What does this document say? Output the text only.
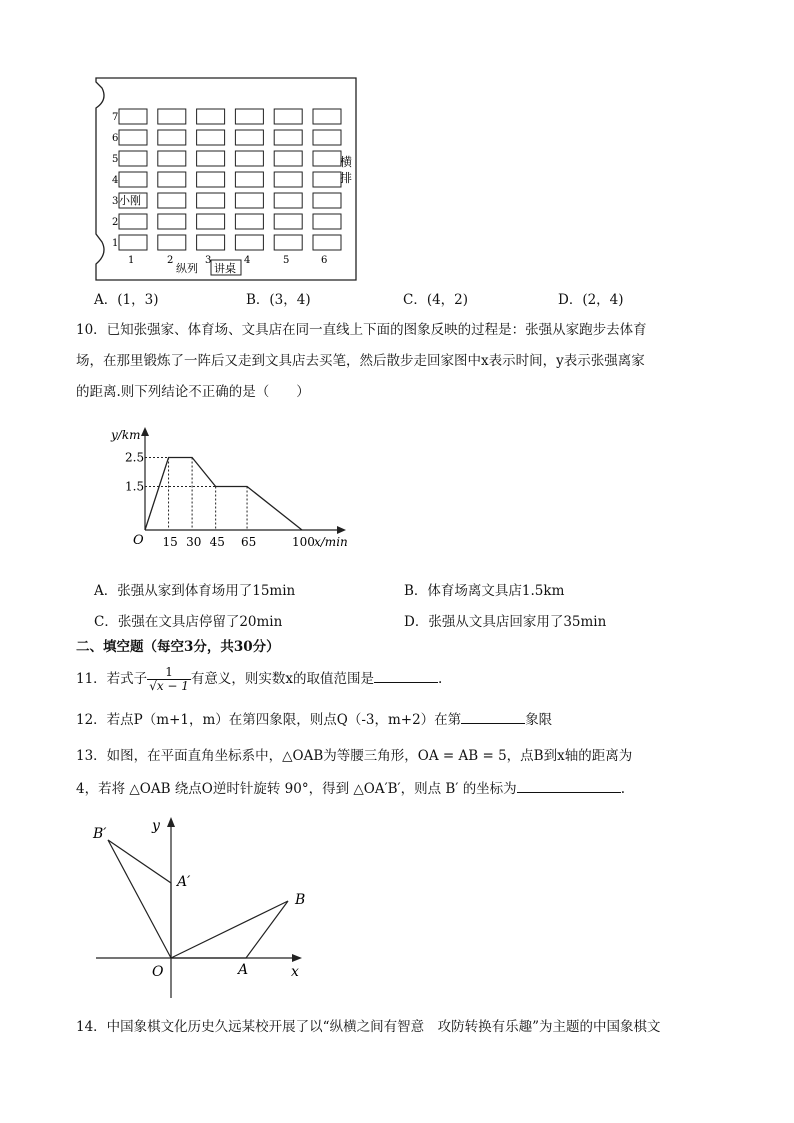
7
6
5
4
3
2
1
1	2	3	4	5	6
小刚
横
排
纵列 讲桌
A．(1，3)	B．(3，4)	C．(4，2)	D．(2，4)
10．已知张强家、体育场、文具店在同一直线上下面的图象反映的过程是：张强从家跑步去体育
场，在那里锻炼了一阵后又走到文具店去买笔，然后散步走回家图中x表示时间，y表示张强离家
的距离.则下列结论不正确的是（　　）
15 30 45 65	100
2.5
1.5
O
y/km
x/min
A．张强从家到体育场用了15min	B．体育场离文具店1.5km
C．张强在文具店停留了20min	D．张强从文具店回家用了35min
二、填空题（每空3分，共30分）
11．若式子 $\frac{1}{√x - 1}$ 有意义，则实数x的取值范围是	.
12．若点P（m+1，m）在第四象限，则点Q（-3，m+2）在第	象限
13．如图，在平面直角坐标系中，△OAB为等腰三角形，OA = AB = 5，点B到x轴的距离为
4，若将 △OAB 绕点O逆时针旋转 90°，得到 △OA′B′，则点 B′ 的坐标为	.
B′
A′
B
O	A	x
y
14．中国象棋文化历史久远某校开展了以“纵横之间有智意　攻防转换有乐趣”为主题的中国象棋文
